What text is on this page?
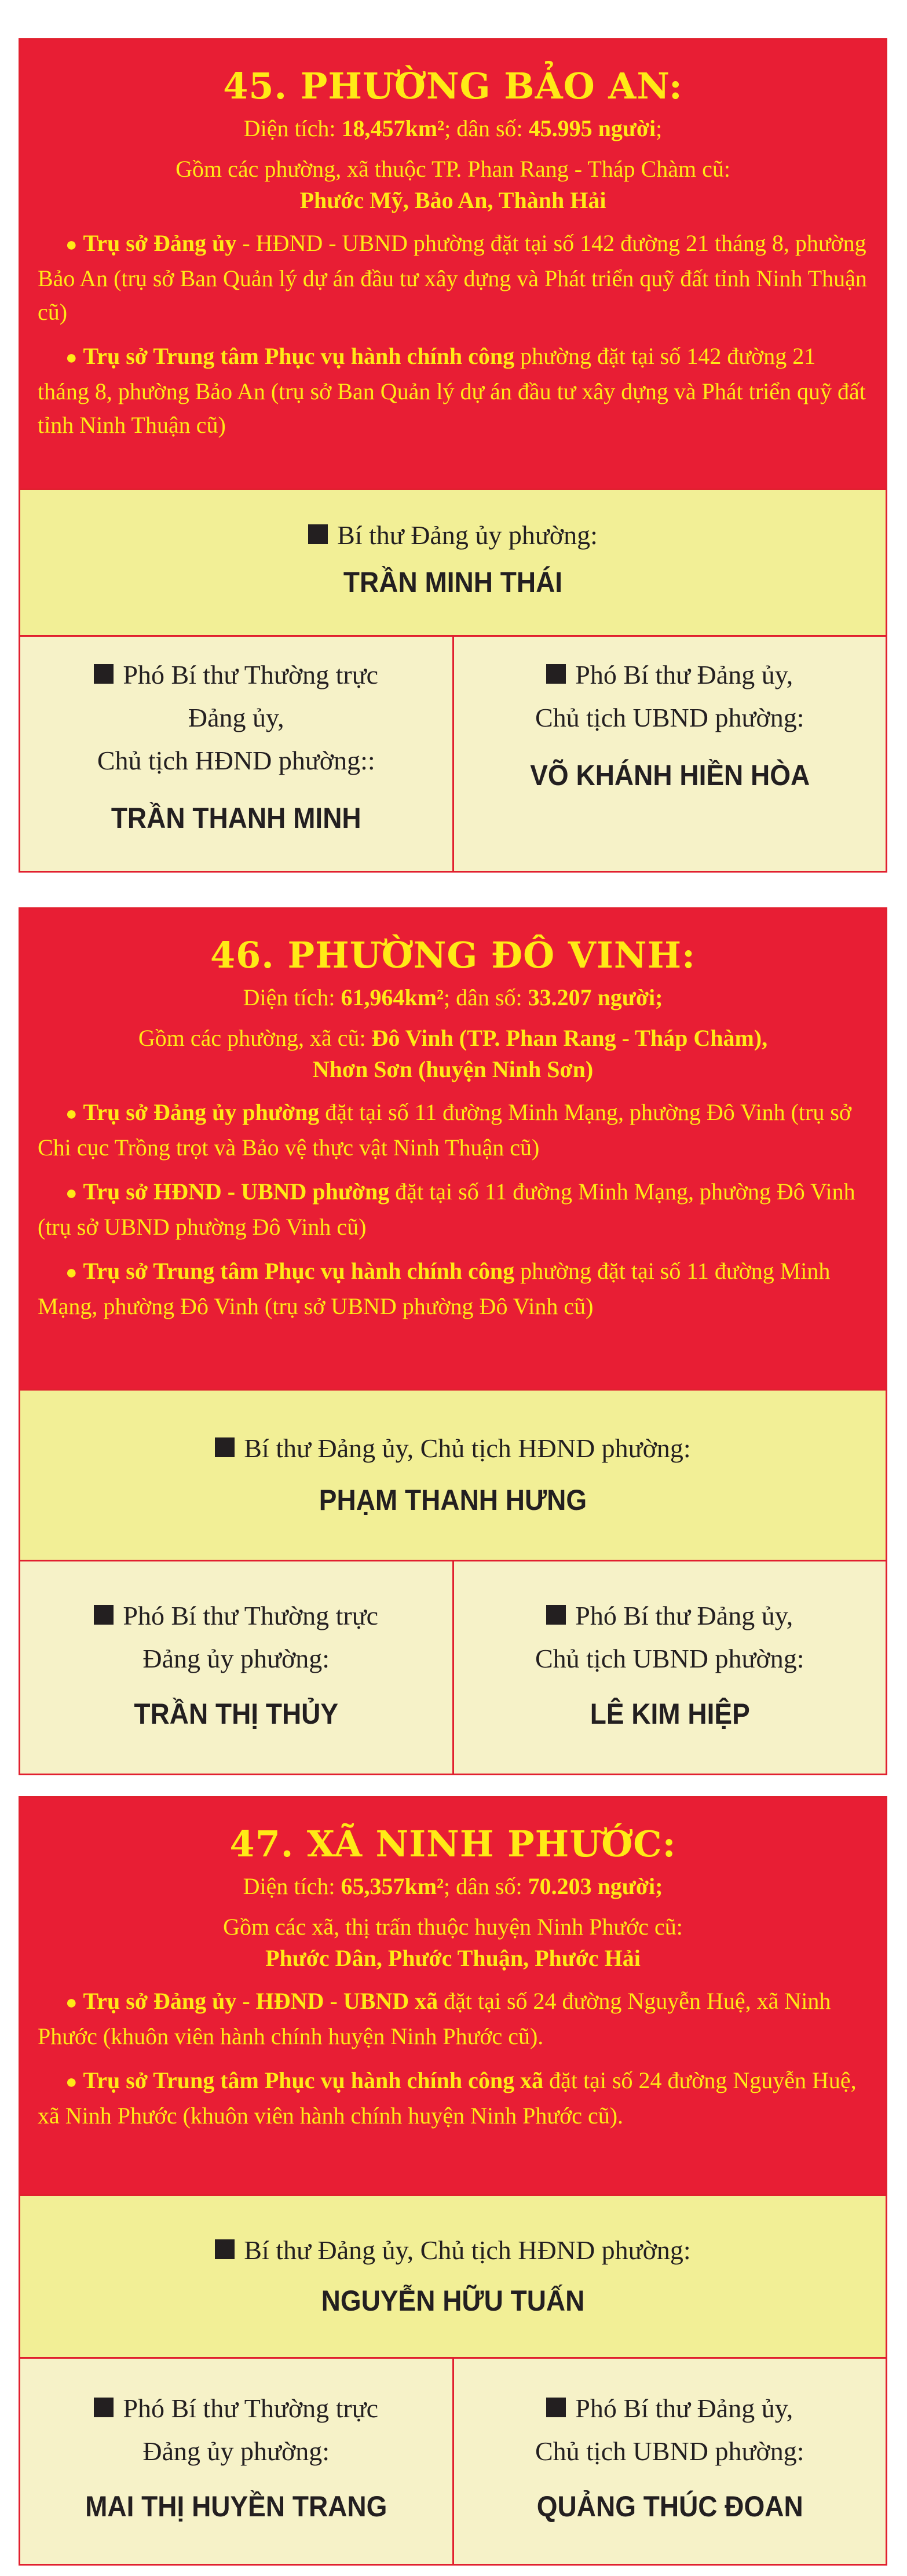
45. PHƯỜNG BẢO AN:

Diện tích: 18,457km²; dân số: 45.995 người;

Gồm các phường, xã thuộc TP. Phan Rang - Tháp Chàm cũ:
Phước Mỹ, Bảo An, Thành Hải

● Trụ sở Đảng ủy - HĐND - UBND phường đặt tại số 142 đường 21 tháng 8, phường Bảo An (trụ sở Ban Quản lý dự án đầu tư xây dựng và Phát triển quỹ đất tỉnh Ninh Thuận cũ)

● Trụ sở Trung tâm Phục vụ hành chính công phường đặt tại số 142 đường 21 tháng 8, phường Bảo An (trụ sở Ban Quản lý dự án đầu tư xây dựng và Phát triển quỹ đất tỉnh Ninh Thuận cũ)

Bí thư Đảng ủy phường:
TRẦN MINH THÁI
Phó Bí thư Thường trực
Đảng ủy,
Chủ tịch HĐND phường::
TRẦN THANH MINH
Phó Bí thư Đảng ủy,
Chủ tịch UBND phường:
VÕ KHÁNH HIỀN HÒA
46. PHƯỜNG ĐÔ VINH:

Diện tích: 61,964km²; dân số: 33.207 người;

Gồm các phường, xã cũ: Đô Vinh (TP. Phan Rang - Tháp Chàm),
Nhơn Sơn (huyện Ninh Sơn)

● Trụ sở Đảng ủy phường đặt tại số 11 đường Minh Mạng, phường Đô Vinh (trụ sở Chi cục Trồng trọt và Bảo vệ thực vật Ninh Thuận cũ)

● Trụ sở HĐND - UBND phường đặt tại số 11 đường Minh Mạng, phường Đô Vinh (trụ sở UBND phường Đô Vinh cũ)

● Trụ sở Trung tâm Phục vụ hành chính công phường đặt tại số 11 đường Minh Mạng, phường Đô Vinh (trụ sở UBND phường Đô Vinh cũ)

Bí thư Đảng ủy, Chủ tịch HĐND phường:
PHẠM THANH HƯNG
Phó Bí thư Thường trực
Đảng ủy phường:
TRẦN THỊ THỦY
Phó Bí thư Đảng ủy,
Chủ tịch UBND phường:
LÊ KIM HIỆP
47. XÃ NINH PHƯỚC:

Diện tích: 65,357km²; dân số: 70.203 người;

Gồm các xã, thị trấn thuộc huyện Ninh Phước cũ:
Phước Dân, Phước Thuận, Phước Hải

● Trụ sở Đảng ủy - HĐND - UBND xã đặt tại số 24 đường Nguyễn Huệ, xã Ninh Phước (khuôn viên hành chính huyện Ninh Phước cũ).

● Trụ sở Trung tâm Phục vụ hành chính công xã đặt tại số 24 đường Nguyễn Huệ, xã Ninh Phước (khuôn viên hành chính huyện Ninh Phước cũ).

Bí thư Đảng ủy, Chủ tịch HĐND phường:
NGUYỄN HỮU TUẤN
Phó Bí thư Thường trực
Đảng ủy phường:
MAI THỊ HUYỀN TRANG
Phó Bí thư Đảng ủy,
Chủ tịch UBND phường:
QUẢNG THÚC ĐOAN
